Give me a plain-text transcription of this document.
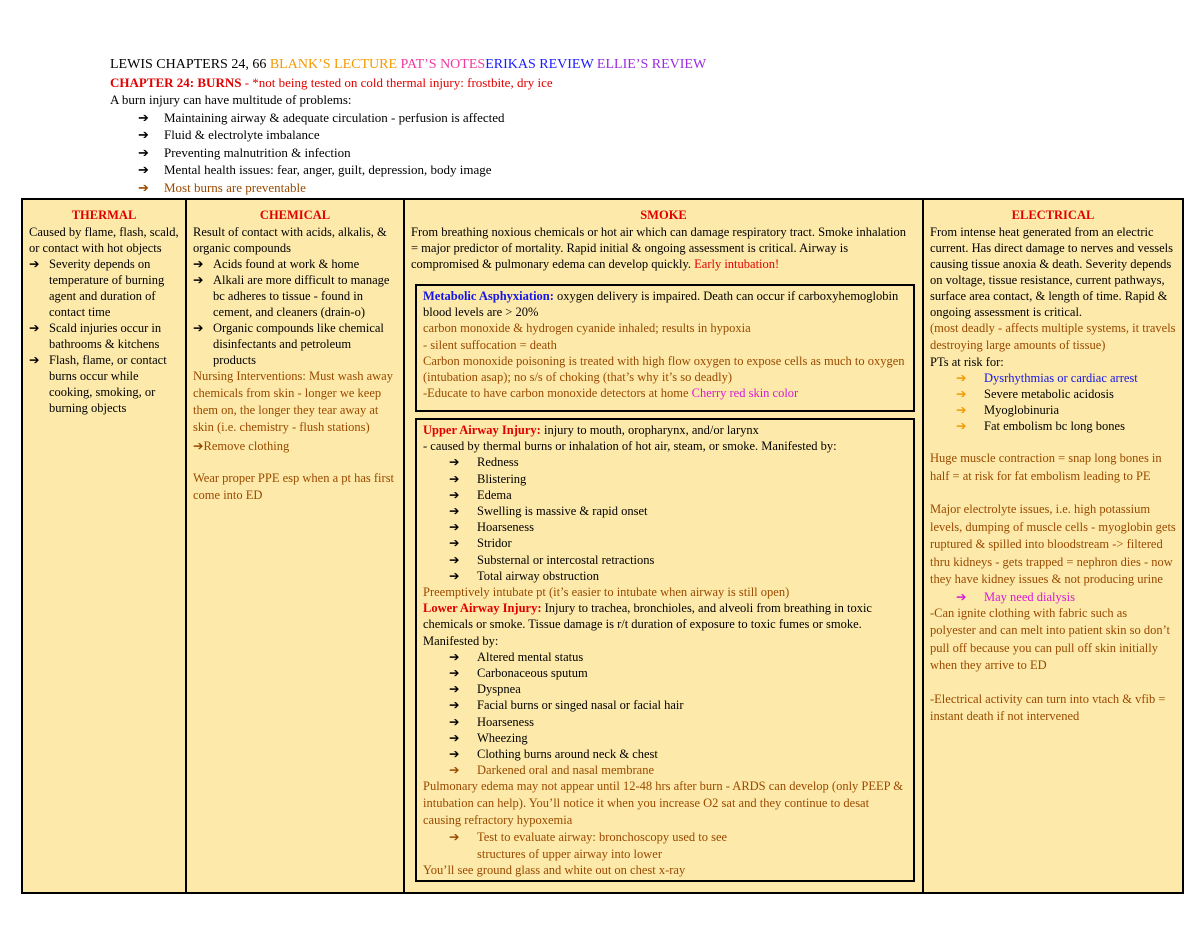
LEWIS CHAPTERS 24, 66 BLANK’S LECTURE PAT’S NOTESERIKAS REVIEW ELLIE’S REVIEW
CHAPTER 24: BURNS - *not being tested on cold thermal injury: frostbite, dry ice
A burn injury can have multitude of problems:
➔ Maintaining airway & adequate circulation - perfusion is affected
➔ Fluid & electrolyte imbalance
➔ Preventing malnutrition & infection
➔ Mental health issues: fear, anger, guilt, depression, body image
➔ Most burns are preventable
THERMAL
Caused by flame, flash, scald, or contact with hot objects
➔ Severity depends on temperature of burning agent and duration of contact time
➔ Scald injuries occur in bathrooms & kitchens
➔ Flash, flame, or contact burns occur while cooking, smoking, or burning objects
CHEMICAL
Result of contact with acids, alkalis, & organic compounds
➔ Acids found at work & home
➔ Alkali are more difficult to manage bc adheres to tissue - found in cement, and cleaners (drain-o)
➔ Organic compounds like chemical disinfectants and petroleum products
Nursing Interventions: Must wash away chemicals from skin - longer we keep them on, the longer they tear away at skin (i.e. chemistry - flush stations)
➔Remove clothing
Wear proper PPE esp when a pt has first come into ED
SMOKE
From breathing noxious chemicals or hot air which can damage respiratory tract. Smoke inhalation = major predictor of mortality. Rapid initial & ongoing assessment is critical. Airway is compromised & pulmonary edema can develop quickly. Early intubation!
Metabolic Asphyxiation: oxygen delivery is impaired. Death can occur if carboxyhemoglobin blood levels are > 20%
carbon monoxide & hydrogen cyanide inhaled; results in hypoxia
- silent suffocation = death
Carbon monoxide poisoning is treated with high flow oxygen to expose cells as much to oxygen (intubation asap); no s/s of choking (that’s why it’s so deadly)
-Educate to have carbon monoxide detectors at home Cherry red skin color
Upper Airway Injury: injury to mouth, oropharynx, and/or larynx
- caused by thermal burns or inhalation of hot air, steam, or smoke. Manifested by:
➔	Redness
➔	Blistering
➔	Edema
➔	Swelling is massive & rapid onset
➔	Hoarseness
➔	Stridor
➔	Substernal or intercostal retractions
➔	Total airway obstruction
Preemptively intubate pt (it’s easier to intubate when airway is still open)
Lower Airway Injury: Injury to trachea, bronchioles, and alveoli from breathing in toxic chemicals or smoke. Tissue damage is r/t duration of exposure to toxic fumes or smoke. Manifested by:
➔	Altered mental status
➔	Carbonaceous sputum
➔	Dyspnea
➔	Facial burns or singed nasal or facial hair
➔	Hoarseness
➔	Wheezing
➔	Clothing burns around neck & chest
➔	Darkened oral and nasal membrane
Pulmonary edema may not appear until 12-48 hrs after burn - ARDS can develop (only PEEP & intubation can help). You’ll notice it when you increase O2 sat and they continue to desat causing refractory hypoxemia
➔	Test to evaluate airway: bronchoscopy used to see
structures of upper airway into lower
You’ll see ground glass and white out on chest x-ray
ELECTRICAL
From intense heat generated from an electric current. Has direct damage to nerves and vessels causing tissue anoxia & death. Severity depends on voltage, tissue resistance, current pathways, surface area contact, & length of time. Rapid & ongoing assessment is critical.
(most deadly - affects multiple systems, it travels destroying large amounts of tissue)
PTs at risk for:
➔	Dysrhythmias or cardiac arrest
➔	Severe metabolic acidosis
➔	Myoglobinuria
➔	Fat embolism bc long bones
Huge muscle contraction = snap long bones in half = at risk for fat embolism leading to PE
Major electrolyte issues, i.e. high potassium levels, dumping of muscle cells - myoglobin gets ruptured & spilled into bloodstream -> filtered thru kidneys - gets trapped = nephron dies - now they have kidney issues & not producing urine
➔	May need dialysis
-Can ignite clothing with fabric such as polyester and can melt into patient skin so don’t pull off because you can pull off skin initially when they arrive to ED
-Electrical activity can turn into vtach & vfib = instant death if not intervened
